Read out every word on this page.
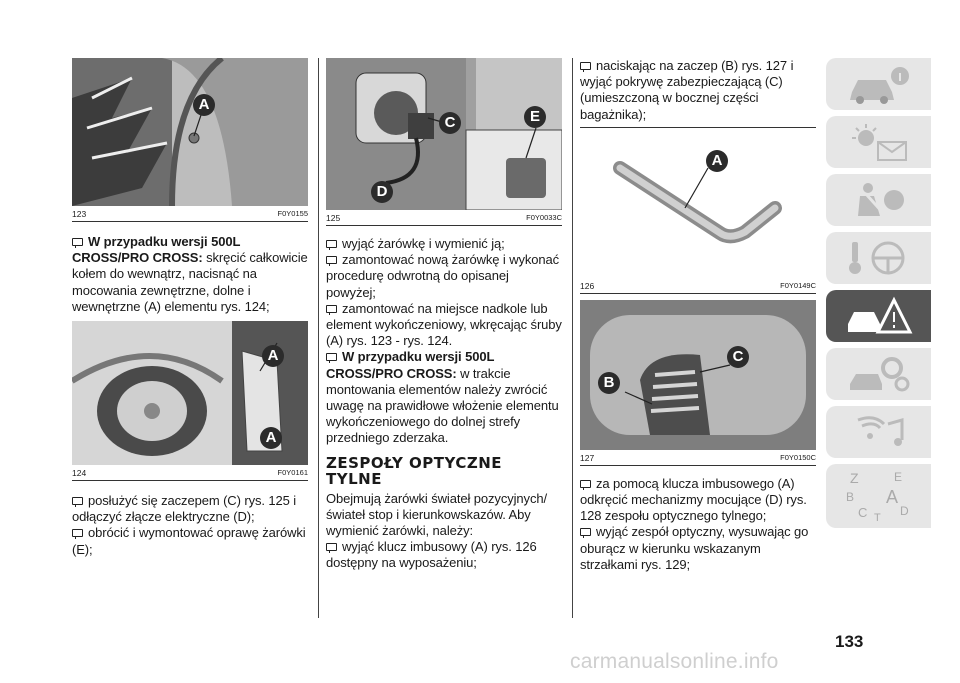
A
123	F0Y0155

W przypadku wersji 500L CROSS/PRO CROSS: skręcić całkowicie kołem do wewnątrz, nacisnąć na mocowania zewnętrzne, dolne i wewnętrzne (A) elementu rys. 124;

A
A
124	F0Y0161

posłużyć się zaczepem (C) rys. 125 i odłączyć złącze elektryczne (D);

obrócić i wymontować oprawę żarówki (E);

C	E
D
125	F0Y0033C

wyjąć żarówkę i wymienić ją;

zamontować nową żarówkę i wykonać procedurę odwrotną do opisanej powyżej;

zamontować na miejsce nadkole lub element wykończeniowy, wkręcając śruby (A) rys. 123 - rys. 124.

W przypadku wersji 500L CROSS/PRO CROSS: w trakcie montowania elementów należy zwrócić uwagę na prawidłowe włożenie elementu wykończeniowego do dolnej strefy przedniego zderzaka.

ZESPOŁY OPTYCZNE TYLNE

Obejmują żarówki świateł pozycyjnych/świateł stop i kierunkowskazów. Aby wymienić żarówki, należy:

wyjąć klucz imbusowy (A) rys. 126 dostępny na wyposażeniu;

naciskając na zaczep (B) rys. 127 i wyjąć pokrywę zabezpieczającą (C) (umieszczoną w bocznej części bagażnika);

A
126	F0Y0149C
C
B
127	F0Y0150C

za pomocą klucza imbusowego (A) odkręcić mechanizmy mocujące (D) rys. 128 zespołu optycznego tylnego;

wyjąć zespół optyczny, wysuwając go oburącz w kierunku wskazanym strzałkami rys. 129;

Z	E
B A
C	D
T
133
carmanualsonline.info
